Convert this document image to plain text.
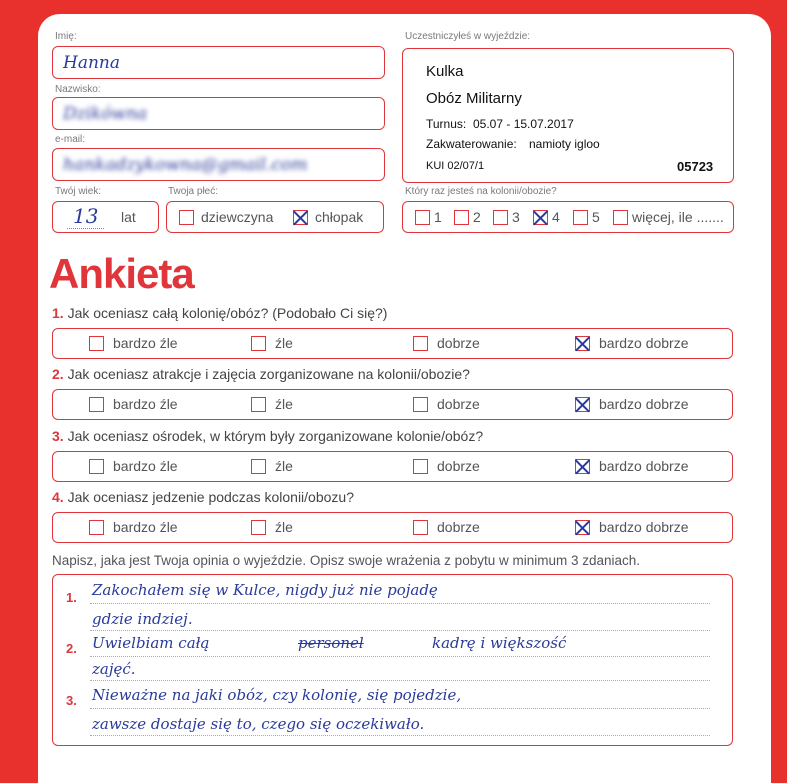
Imię:
Hanna
Nazwisko:
Dzikówna
e-mail:
hankadzykowna@gmail.com
Twój wiek:
13	lat
Twoja płeć:
dziewczyna	chłopak
Uczestniczyłeś w wyjeździe:
Kulka
Obóz Militarny
Turnus: 05.07 - 15.07.2017
Zakwaterowanie: namioty igloo
KUI 02/07/1	05723
Który raz jesteś na kolonii/obozie?
1 2 3 4 5 więcej, ile .......
Ankieta
1. Jak oceniasz całą kolonię/obóz? (Podobało Ci się?)
bardzo źle	źle	dobrze	bardzo dobrze
2. Jak oceniasz atrakcje i zajęcia zorganizowane na kolonii/obozie?
bardzo źle	źle	dobrze	bardzo dobrze
3. Jak oceniasz ośrodek, w którym były zorganizowane kolonie/obóz?
bardzo źle	źle	dobrze	bardzo dobrze
4. Jak oceniasz jedzenie podczas kolonii/obozu?
bardzo źle	źle	dobrze	bardzo dobrze
Napisz, jaka jest Twoja opinia o wyjeździe. Opisz swoje wrażenia z pobytu w minimum 3 zdaniach.
1. Zakochałem się w Kulce, nigdy już nie pojadę
gdzie indziej.
2. Uwielbiam całą	personel	kadrę i większość
zajęć.
3. Nieważne na jaki obóz, czy kolonię, się pojedzie,
zawsze dostaje się to, czego się oczekiwało.
